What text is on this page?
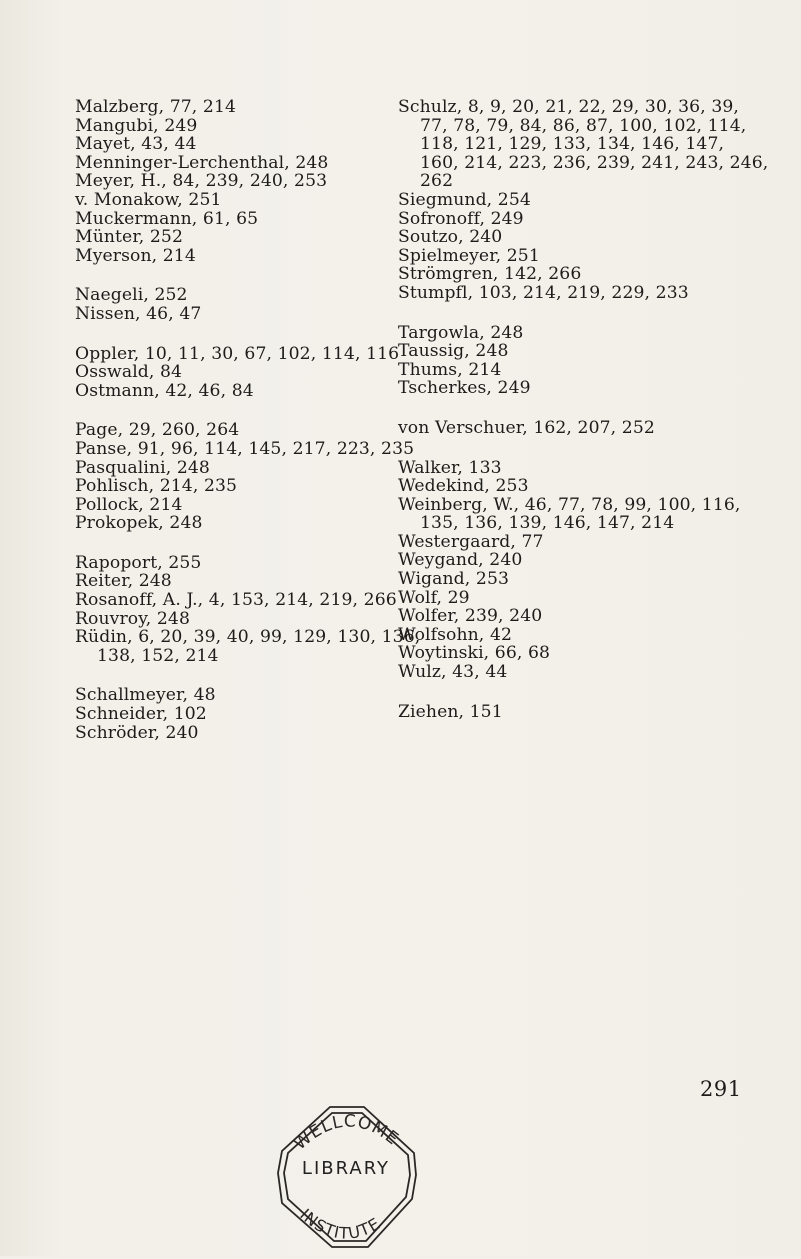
Malzberg, 77, 214
Mangubi, 249
Mayet, 43, 44
Menninger-Lerchenthal, 248
Meyer, H., 84, 239, 240, 253
v. Monakow, 251
Muckermann, 61, 65
Münter, 252
Myerson, 214
Naegeli, 252
Nissen, 46, 47
Oppler, 10, 11, 30, 67, 102, 114, 116
Osswald, 84
Ostmann, 42, 46, 84
Page, 29, 260, 264
Panse, 91, 96, 114, 145, 217, 223, 235
Pasqualini, 248
Pohlisch, 214, 235
Pollock, 214
Prokopek, 248
Rapoport, 255
Reiter, 248
Rosanoff, A. J., 4, 153, 214, 219, 266
Rouvroy, 248
Rüdin, 6, 20, 39, 40, 99, 129, 130, 136,
138, 152, 214
Schallmeyer, 48
Schneider, 102
Schröder, 240
Schulz, 8, 9, 20, 21, 22, 29, 30, 36, 39,
77, 78, 79, 84, 86, 87, 100, 102, 114,
118, 121, 129, 133, 134, 146, 147,
160, 214, 223, 236, 239, 241, 243, 246,
262
Siegmund, 254
Sofronoff, 249
Soutzo, 240
Spielmeyer, 251
Strömgren, 142, 266
Stumpfl, 103, 214, 219, 229, 233
Targowla, 248
Taussig, 248
Thums, 214
Tscherkes, 249
von Verschuer, 162, 207, 252
Walker, 133
Wedekind, 253
Weinberg, W., 46, 77, 78, 99, 100, 116,
135, 136, 139, 146, 147, 214
Westergaard, 77
Weygand, 240
Wigand, 253
Wolf, 29
Wolfer, 239, 240
Wolfsohn, 42
Woytinski, 66, 68
Wulz, 43, 44
Ziehen, 151
291
WELLCOME
INSTITUTE
LIBRARY
